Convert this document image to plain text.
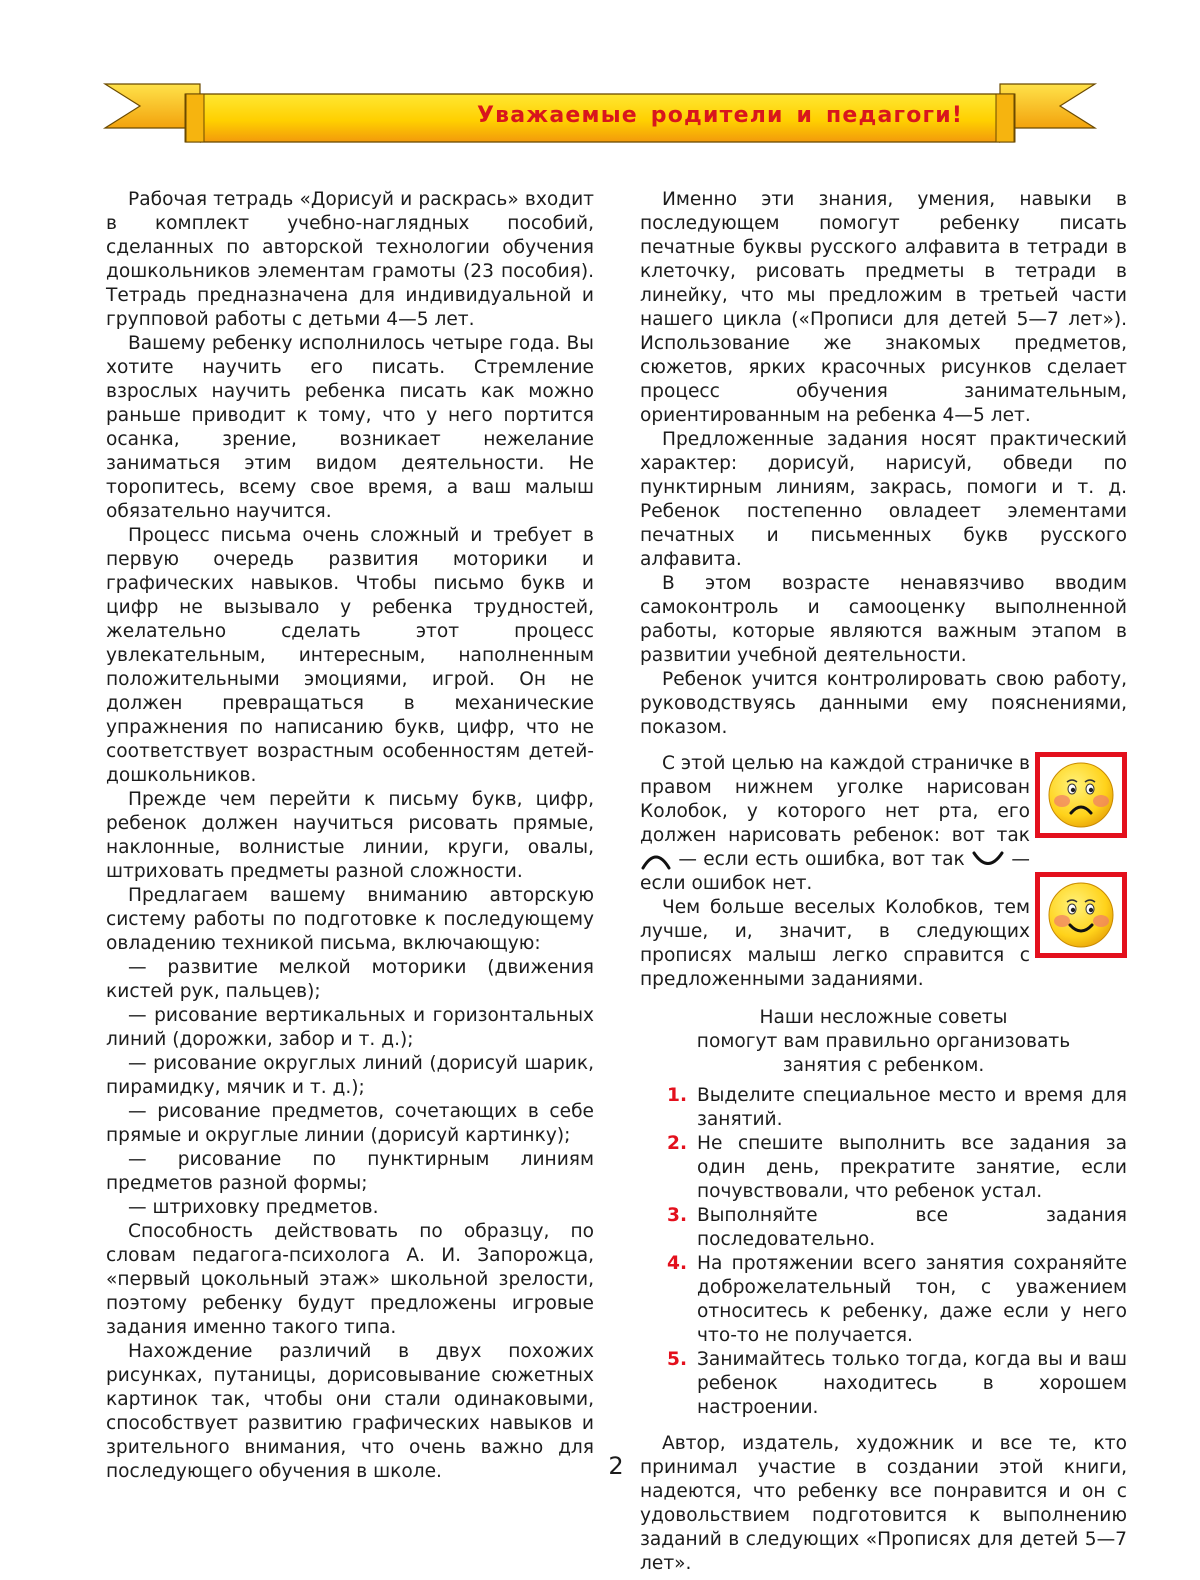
Уважаемые родители и педагоги!

Рабочая тетрадь «Дорисуй и раскрась» входит в комплект учебно-наглядных пособий, сделанных по авторской технологии обучения дошкольников элементам грамоты (23 пособия). Тетрадь предназначена для индивидуальной и групповой работы с детьми 4—5 лет.

Вашему ребенку исполнилось четыре года. Вы хотите научить его писать. Стремление взрослых научить ребенка писать как можно раньше приводит к тому, что у него портится осанка, зрение, возникает нежелание заниматься этим видом деятельности. Не торопитесь, всему свое время, а ваш малыш обязательно научится.

Процесс письма очень сложный и требует в первую очередь развития моторики и графических навыков. Чтобы письмо букв и цифр не вызывало у ребенка трудностей, желательно сделать этот процесс увлекательным, интересным, наполненным положительными эмоциями, игрой. Он не должен превращаться в механические упражнения по написанию букв, цифр, что не соответствует возрастным особенностям детей-дошкольников.

Прежде чем перейти к письму букв, цифр, ребенок должен научиться рисовать прямые, наклонные, волнистые линии, круги, овалы, штриховать предметы разной сложности.

Предлагаем вашему вниманию авторскую систему работы по подготовке к последующему овладению техникой письма, включающую:

— развитие мелкой моторики (движения кистей рук, пальцев);

— рисование вертикальных и горизонтальных линий (дорожки, забор и т. д.);

— рисование округлых линий (дорисуй шарик, пирамидку, мячик и т. д.);

— рисование предметов, сочетающих в себе прямые и округлые линии (дорисуй картинку);

— рисование по пунктирным линиям предметов разной формы;

— штриховку предметов.

Способность действовать по образцу, по словам педагога-психолога А. И. Запорожца, «первый цокольный этаж» школьной зрелости, поэтому ребенку будут предложены игровые задания именно такого типа.

Нахождение различий в двух похожих рисунках, путаницы, дорисовывание сюжетных картинок так, чтобы они стали одинаковыми, способствует развитию графических навыков и зрительного внимания, что очень важно для последующего обучения в школе.

Именно эти знания, умения, навыки в последующем помогут ребенку писать печатные буквы русского алфавита в тетради в клеточку, рисовать предметы в тетради в линейку, что мы предложим в третьей части нашего цикла («Прописи для детей 5—7 лет»). Использование же знакомых предметов, сюжетов, ярких красочных рисунков сделает процесс обучения занимательным, ориентированным на ребенка 4—5 лет.

Предложенные задания носят практический характер: дорисуй, нарисуй, обведи по пунктирным линиям, закрась, помоги и т. д. Ребенок постепенно овладеет элементами печатных и письменных букв русского алфавита.

В этом возрасте ненавязчиво вводим самоконтроль и самооценку выполненной работы, которые являются важным этапом в развитии учебной деятельности.

Ребенок учится контролировать свою работу, руководствуясь данными ему пояснениями, показом.

С этой целью на каждой страничке в правом нижнем уголке нарисован Колобок, у которого нет рта, его должен нарисовать ребенок: вот так  — если есть ошибка, вот так	— если ошибок нет.

Чем больше веселых Колобков, тем лучше, и, значит, в следующих прописях малыш легко справится с предложенными заданиями.

Наши несложные советы
помогут вам правильно организовать
занятия с ребенком.
1. Выделите специальное место и время для занятий.
2. Не спешите выполнить все задания за один день, прекратите занятие, если почувствовали, что ребенок устал.
3. Выполняйте все задания последовательно.
4. На протяжении всего занятия сохраняйте доброжелательный тон, с уважением относитесь к ребенку, даже если у него что-то не получается.
5. Занимайтесь только тогда, когда вы и ваш ребенок находитесь в хорошем настроении.

Автор, издатель, художник и все те, кто принимал участие в создании этой книги, надеются, что ребенку все понравится и он с удовольствием подготовится к выполнению заданий в следующих «Прописях для детей 5—7 лет».

2
